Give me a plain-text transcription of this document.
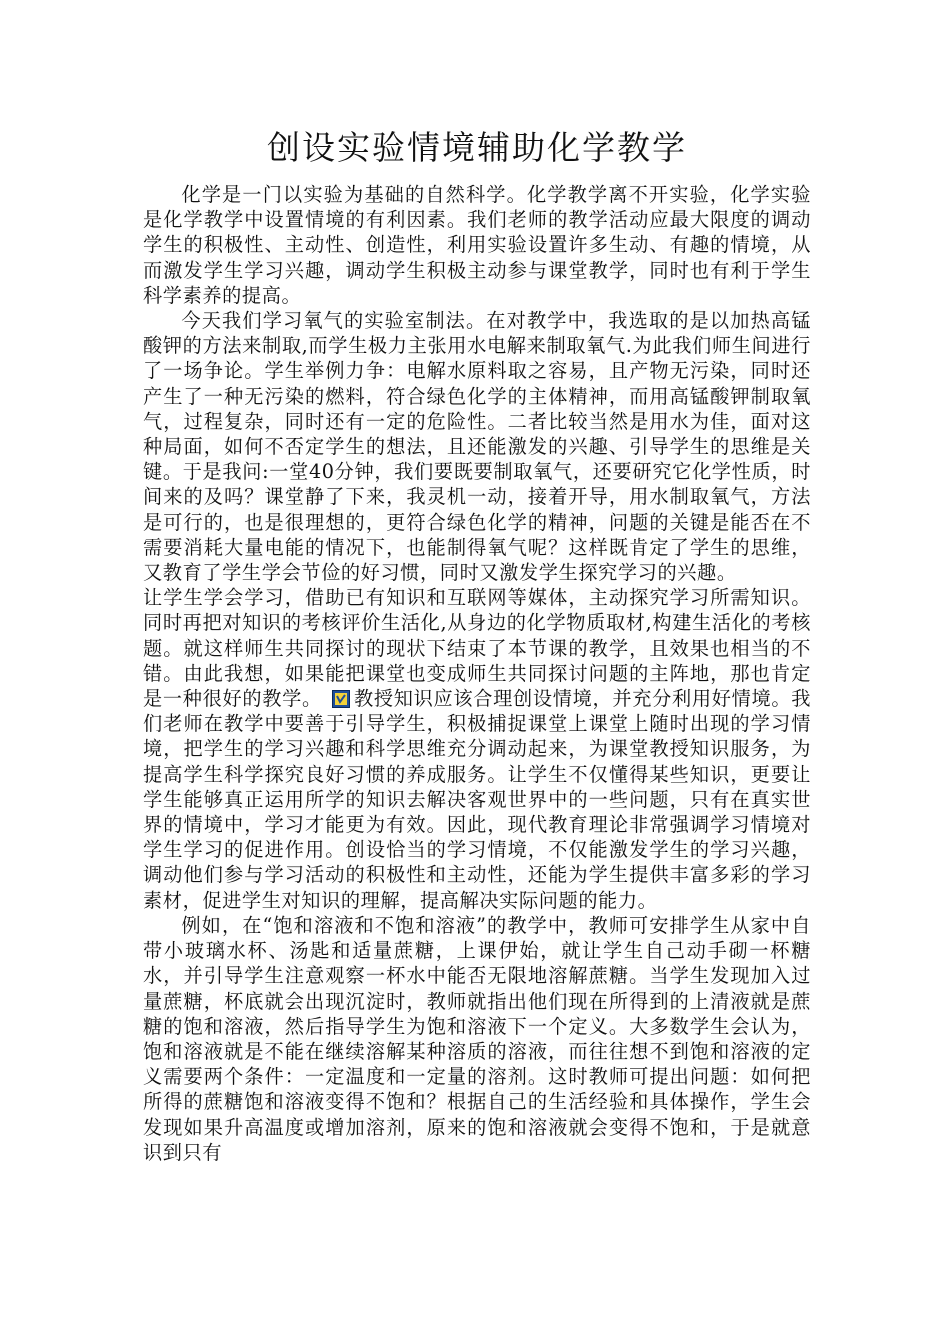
创设实验情境辅助化学教学

化学是一门以实验为基础的自然科学。化学教学离不开实验，化学实验是化学教学中设置情境的有利因素。我们老师的教学活动应最大限度的调动学生的积极性、主动性、创造性，利用实验设置许多生动、有趣的情境，从而激发学生学习兴趣，调动学生积极主动参与课堂教学，同时也有利于学生科学素养的提高。

今天我们学习氧气的实验室制法。在对教学中，我选取的是以加热高锰酸钾的方法来制取,而学生极力主张用水电解来制取氧气.为此我们师生间进行了一场争论。学生举例力争：电解水原料取之容易，且产物无污染，同时还产生了一种无污染的燃料，符合绿色化学的主体精神，而用高锰酸钾制取氧气，过程复杂，同时还有一定的危险性。二者比较当然是用水为佳，面对这种局面，如何不否定学生的想法，且还能激发的兴趣、引导学生的思维是关键。于是我问:一堂40分钟，我们要既要制取氧气，还要研究它化学性质，时间来的及吗？课堂静了下来，我灵机一动，接着开导，用水制取氧气，方法是可行的，也是很理想的，更符合绿色化学的精神，问题的关键是能否在不需要消耗大量电能的情况下，也能制得氧气呢？这样既肯定了学生的思维，又教育了学生学会节俭的好习惯，同时又激发学生探究学习的兴趣。

让学生学会学习，借助已有知识和互联网等媒体，主动探究学习所需知识。同时再把对知识的考核评价生活化,从身边的化学物质取材,构建生活化的考核题。就这样师生共同探讨的现状下结束了本节课的教学，且效果也相当的不错。由此我想，如果能把课堂也变成师生共同探讨问题的主阵地，那也肯定是一种很好的教学。 教授知识应该合理创设情境，并充分利用好情境。我们老师在教学中要善于引导学生，积极捕捉课堂上课堂上随时出现的学习情境，把学生的学习兴趣和科学思维充分调动起来，为课堂教授知识服务，为提高学生科学探究良好习惯的养成服务。让学生不仅懂得某些知识，更要让学生能够真正运用所学的知识去解决客观世界中的一些问题，只有在真实世界的情境中，学习才能更为有效。因此，现代教育理论非常强调学习情境对学生学习的促进作用。创设恰当的学习情境，不仅能激发学生的学习兴趣，调动他们参与学习活动的积极性和主动性，还能为学生提供丰富多彩的学习素材，促进学生对知识的理解，提高解决实际问题的能力。

例如，在“饱和溶液和不饱和溶液”的教学中，教师可安排学生从家中自带小玻璃水杯、汤匙和适量蔗糖，上课伊始，就让学生自己动手砌一杯糖水，并引导学生注意观察一杯水中能否无限地溶解蔗糖。当学生发现加入过量蔗糖，杯底就会出现沉淀时，教师就指出他们现在所得到的上清液就是蔗糖的饱和溶液，然后指导学生为饱和溶液下一个定义。大多数学生会认为，饱和溶液就是不能在继续溶解某种溶质的溶液，而往往想不到饱和溶液的定义需要两个条件：一定温度和一定量的溶剂。这时教师可提出问题：如何把所得的蔗糖饱和溶液变得不饱和？根据自己的生活经验和具体操作，学生会发现如果升高温度或增加溶剂，原来的饱和溶液就会变得不饱和，于是就意识到只有
